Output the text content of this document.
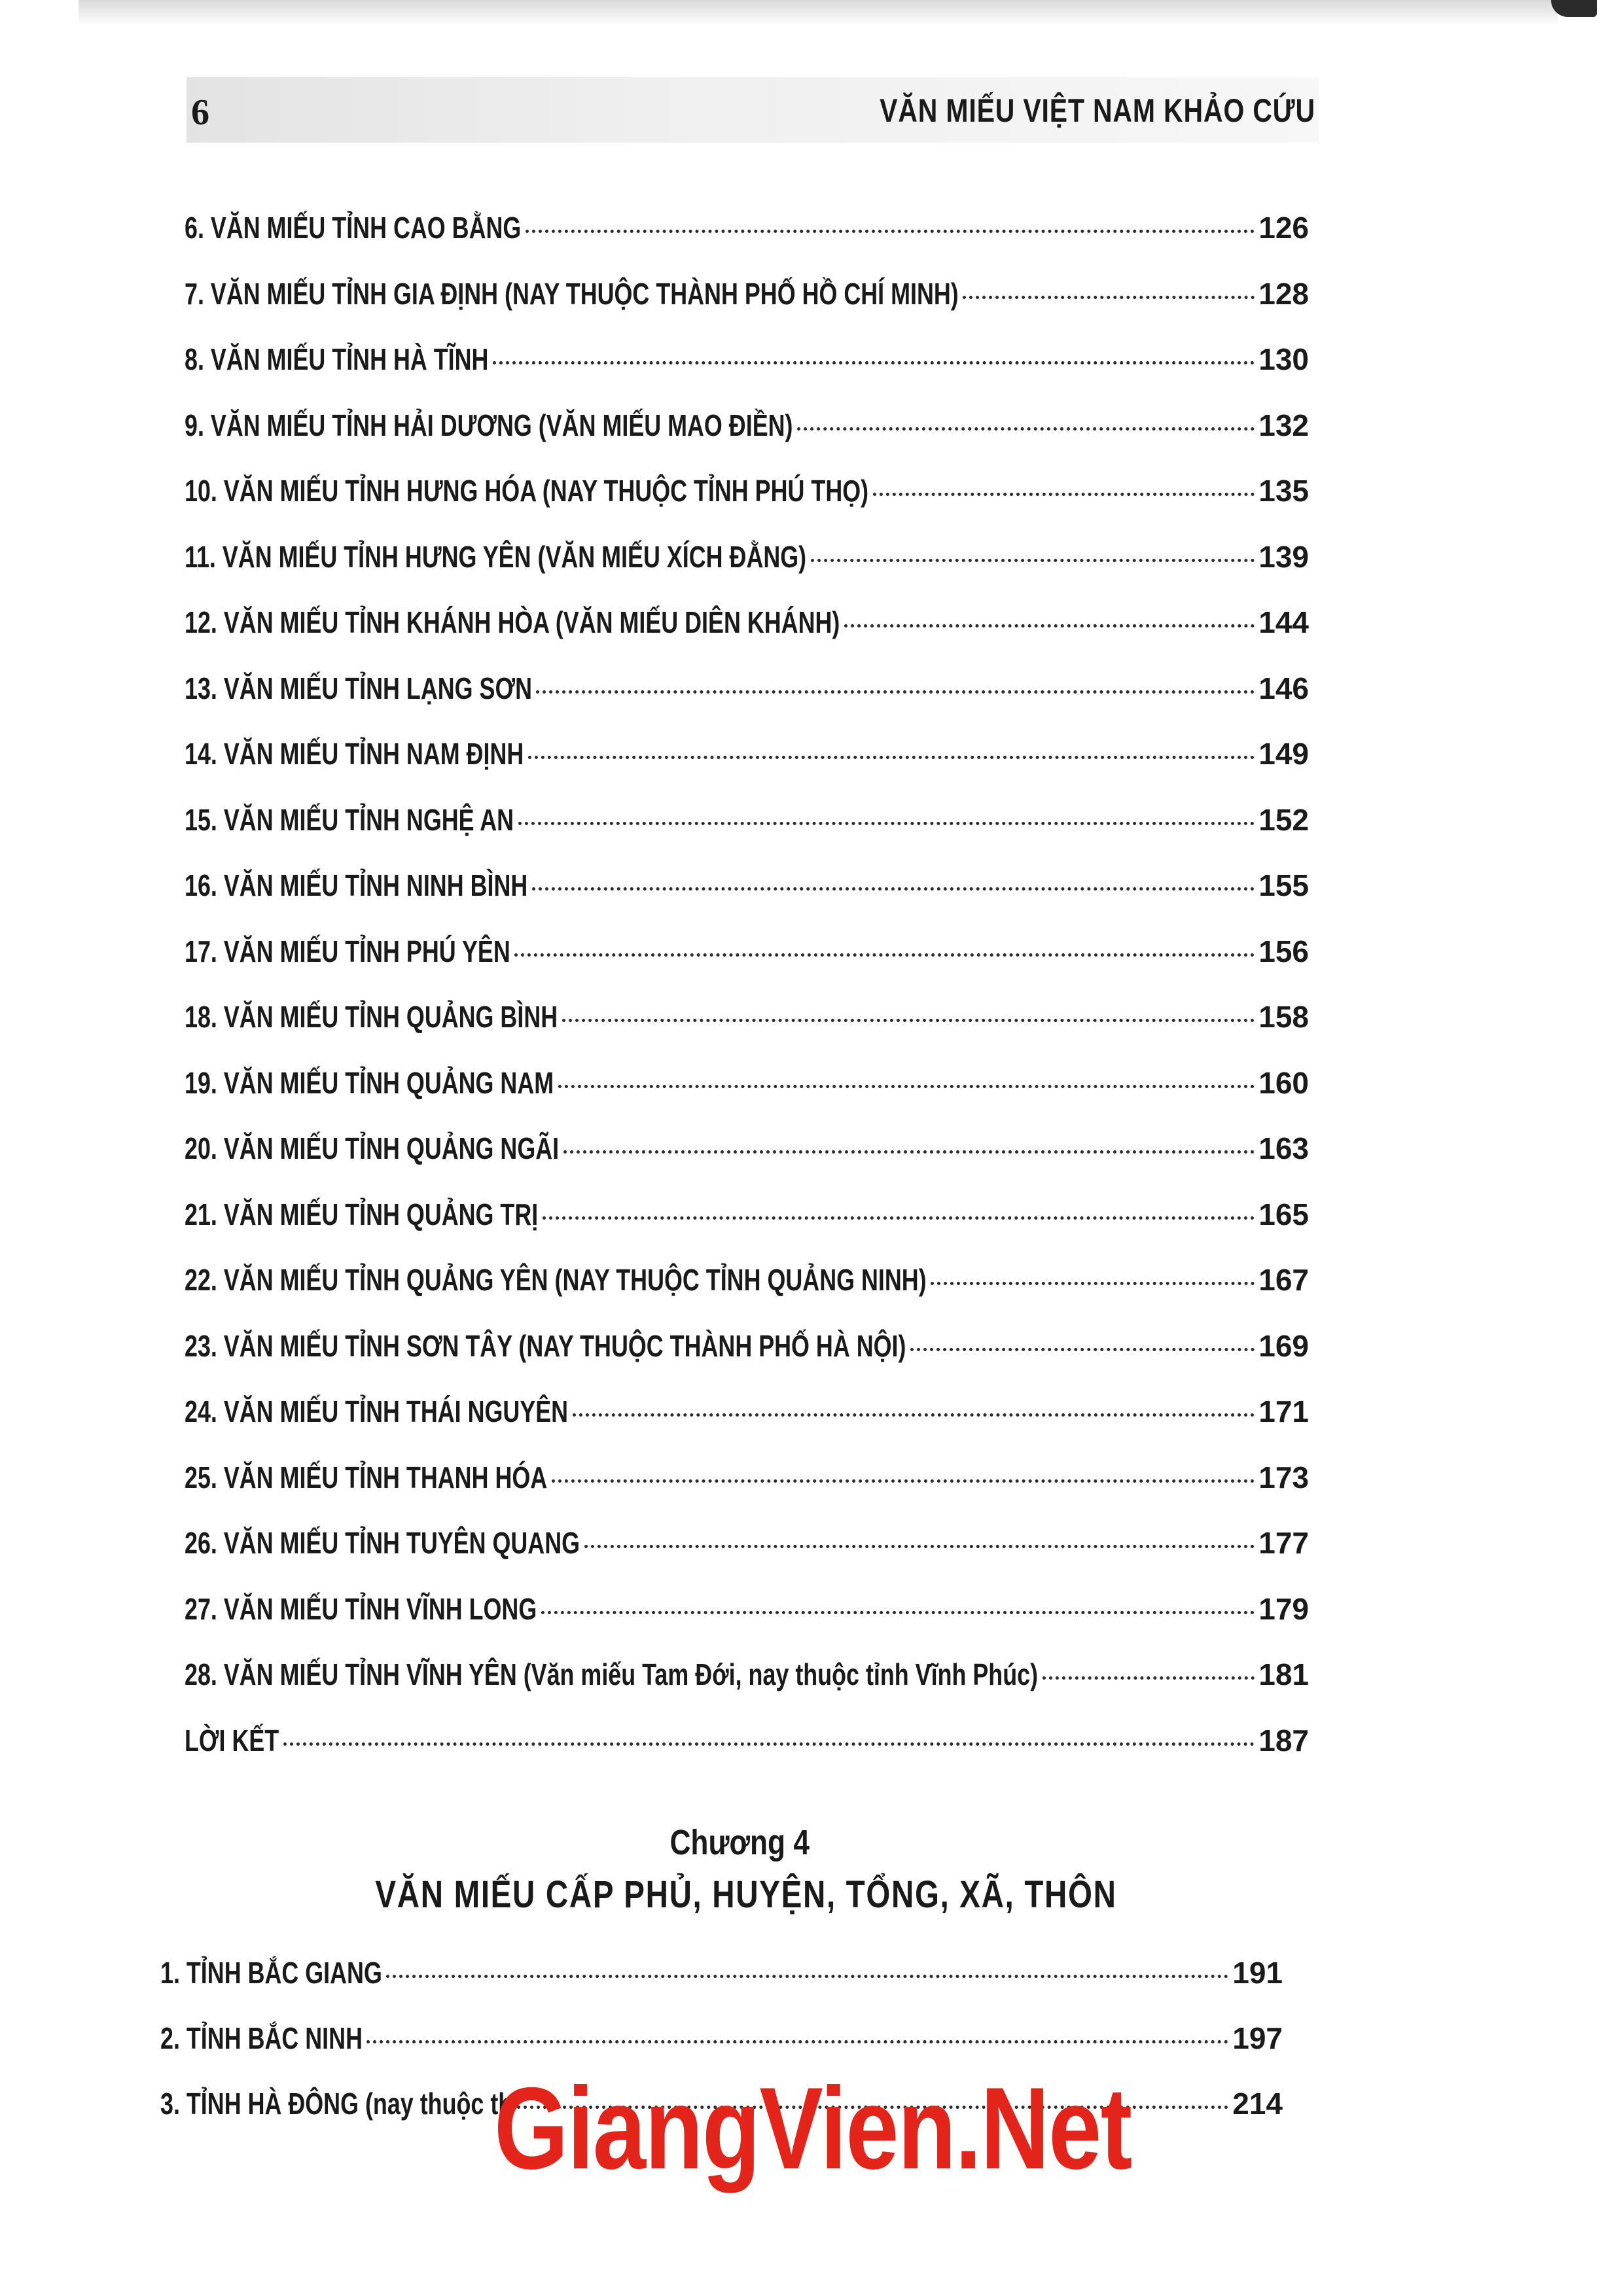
6	VĂN MIẾU VIỆT NAM KHẢO CỨU
6. VĂN MIẾU TỈNH CAO BẰNG	126
7. VĂN MIẾU TỈNH GIA ĐỊNH (NAY THUỘC THÀNH PHỐ HỒ CHÍ MINH)	128
8. VĂN MIẾU TỈNH HÀ TĨNH	130
9. VĂN MIẾU TỈNH HẢI DƯƠNG (VĂN MIẾU MAO ĐIỀN)	132
10. VĂN MIẾU TỈNH HƯNG HÓA (NAY THUỘC TỈNH PHÚ THỌ)	135
11. VĂN MIẾU TỈNH HƯNG YÊN (VĂN MIẾU XÍCH ĐẰNG)	139
12. VĂN MIẾU TỈNH KHÁNH HÒA (VĂN MIẾU DIÊN KHÁNH)	144
13. VĂN MIẾU TỈNH LẠNG SƠN	146
14. VĂN MIẾU TỈNH NAM ĐỊNH	149
15. VĂN MIẾU TỈNH NGHỆ AN	152
16. VĂN MIẾU TỈNH NINH BÌNH	155
17. VĂN MIẾU TỈNH PHÚ YÊN	156
18. VĂN MIẾU TỈNH QUẢNG BÌNH	158
19. VĂN MIẾU TỈNH QUẢNG NAM	160
20. VĂN MIẾU TỈNH QUẢNG NGÃI	163
21. VĂN MIẾU TỈNH QUẢNG TRỊ	165
22. VĂN MIẾU TỈNH QUẢNG YÊN (NAY THUỘC TỈNH QUẢNG NINH)	167
23. VĂN MIẾU TỈNH SƠN TÂY (NAY THUỘC THÀNH PHỐ HÀ NỘI)	169
24. VĂN MIẾU TỈNH THÁI NGUYÊN	171
25. VĂN MIẾU TỈNH THANH HÓA	173
26. VĂN MIẾU TỈNH TUYÊN QUANG	177
27. VĂN MIẾU TỈNH VĨNH LONG	179
28. VĂN MIẾU TỈNH VĨNH YÊN (Văn miếu Tam Đới, nay thuộc tỉnh Vĩnh Phúc)	181
LỜI KẾT	187
Chương 4
VĂN MIẾU CẤP PHỦ, HUYỆN, TỔNG, XÃ, THÔN
1. TỈNH BẮC GIANG	191
2. TỈNH BẮC NINH	197
3. TỈNH HÀ ĐÔNG (nay thuộc th	214
GiangVien.Net
